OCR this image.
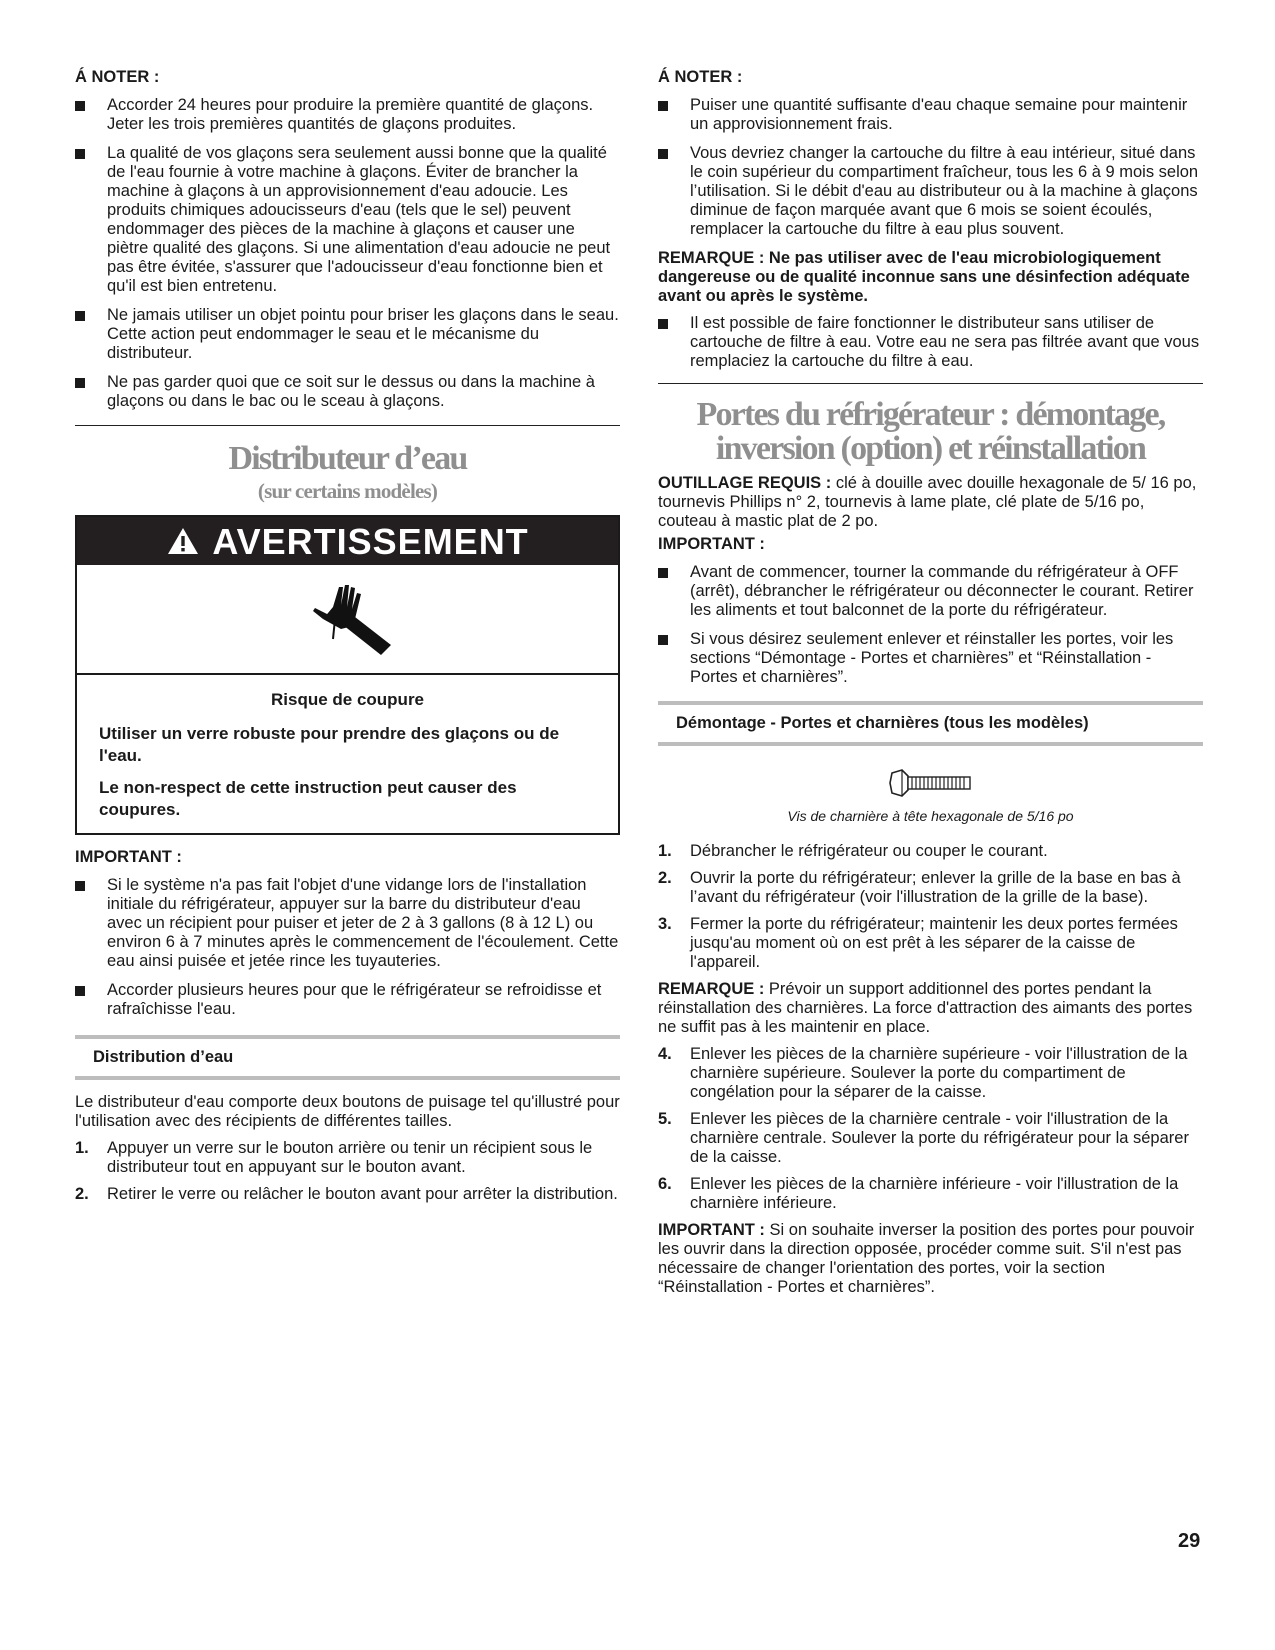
Á NOTER :

Accorder 24 heures pour produire la première quantité de glaçons. Jeter les trois premières quantités de glaçons produites.
La qualité de vos glaçons sera seulement aussi bonne que la qualité de l'eau fournie à votre machine à glaçons. Éviter de brancher la machine à glaçons à un approvisionnement d'eau adoucie. Les produits chimiques adoucisseurs d'eau (tels que le sel) peuvent endommager des pièces de la machine à glaçons et causer une piètre qualité des glaçons. Si une alimentation d'eau adoucie ne peut pas être évitée, s'assurer que l'adoucisseur d'eau fonctionne bien et qu'il est bien entretenu.
Ne jamais utiliser un objet pointu pour briser les glaçons dans le seau. Cette action peut endommager le seau et le mécanisme du distributeur.
Ne pas garder quoi que ce soit sur le dessus ou dans la machine à glaçons ou dans le bac ou le sceau à glaçons.
Distributeur d’eau
(sur certains modèles)
AVERTISSEMENT

Risque de coupure

Utiliser un verre robuste pour prendre des glaçons ou de l'eau.

Le non-respect de cette instruction peut causer des coupures.

IMPORTANT :

Si le système n'a pas fait l'objet d'une vidange lors de l'installation initiale du réfrigérateur, appuyer sur la barre du distributeur d'eau avec un récipient pour puiser et jeter de 2 à 3 gallons (8 à 12 L) ou environ 6 à 7 minutes après le commencement de l'écoulement. Cette eau ainsi puisée et jetée rince les tuyauteries.
Accorder plusieurs heures pour que le réfrigérateur se refroidisse et rafraîchisse l'eau.
Distribution d’eau

Le distributeur d'eau comporte deux boutons de puisage tel qu'illustré pour l'utilisation avec des récipients de différentes tailles.

1. Appuyer un verre sur le bouton arrière ou tenir un récipient sous le distributeur tout en appuyant sur le bouton avant.
2. Retirer le verre ou relâcher le bouton avant pour arrêter la distribution.

Á NOTER :

Puiser une quantité suffisante d'eau chaque semaine pour maintenir un approvisionnement frais.
Vous devriez changer la cartouche du filtre à eau intérieur, situé dans le coin supérieur du compartiment fraîcheur, tous les 6 à 9 mois selon l’utilisation. Si le débit d'eau au distributeur ou à la machine à glaçons diminue de façon marquée avant que 6 mois se soient écoulés, remplacer la cartouche du filtre à eau plus souvent.

REMARQUE : Ne pas utiliser avec de l'eau microbiologiquement dangereuse ou de qualité inconnue sans une désinfection adéquate avant ou après le système.

Il est possible de faire fonctionner le distributeur sans utiliser de cartouche de filtre à eau. Votre eau ne sera pas filtrée avant que vous remplaciez la cartouche du filtre à eau.
Portes du réfrigérateur : démontage,
inversion (option) et réinstallation

OUTILLAGE REQUIS : clé à douille avec douille hexagonale de 5/ 16 po, tournevis Phillips n° 2, tournevis à lame plate, clé plate de 5/16 po, couteau à mastic plat de 2 po.

IMPORTANT :

Avant de commencer, tourner la commande du réfrigérateur à OFF (arrêt), débrancher le réfrigérateur ou déconnecter le courant. Retirer les aliments et tout balconnet de la porte du réfrigérateur.
Si vous désirez seulement enlever et réinstaller les portes, voir les sections “Démontage - Portes et charnières” et “Réinstallation - Portes et charnières”.
Démontage - Portes et charnières (tous les modèles)

Vis de charnière à tête hexagonale de 5/16 po

1. Débrancher le réfrigérateur ou couper le courant.
2. Ouvrir la porte du réfrigérateur; enlever la grille de la base en bas à l’avant du réfrigérateur (voir l'illustration de la grille de la base).
3. Fermer la porte du réfrigérateur; maintenir les deux portes fermées jusqu'au moment où on est prêt à les séparer de la caisse de l'appareil.

REMARQUE : Prévoir un support additionnel des portes pendant la réinstallation des charnières. La force d'attraction des aimants des portes ne suffit pas à les maintenir en place.

4. Enlever les pièces de la charnière supérieure - voir l'illustration de la charnière supérieure. Soulever la porte du compartiment de congélation pour la séparer de la caisse.
5. Enlever les pièces de la charnière centrale - voir l'illustration de la charnière centrale. Soulever la porte du réfrigérateur pour la séparer de la caisse.
6. Enlever les pièces de la charnière inférieure - voir l'illustration de la charnière inférieure.

IMPORTANT : Si on souhaite inverser la position des portes pour pouvoir les ouvrir dans la direction opposée, procéder comme suit. S'il n'est pas nécessaire de changer l'orientation des portes, voir la section “Réinstallation - Portes et charnières”.

29
